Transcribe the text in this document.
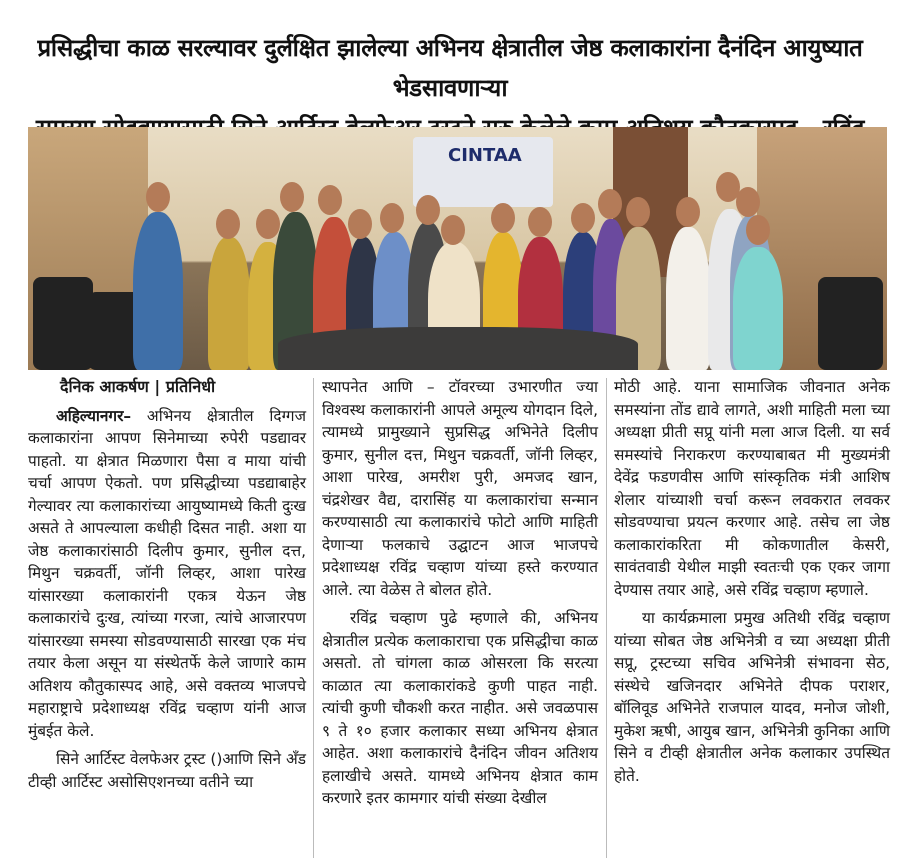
प्रसिद्धीचा काळ सरल्यावर दुर्लक्षित झालेल्या अभिनय क्षेत्रातील जेष्ठ कलाकारांना दैनंदिन आयुष्यात भेडसावणाऱ्या
CINTAA

दैनिक आकर्षण | प्रतिनिधी

अहिल्यानगर– अभिनय क्षेत्रातील दिग्गज कलाकारांना आपण सिनेमाच्या रुपेरी पडद्यावर पाहतो. या क्षेत्रात मिळणारा पैसा व माया यांची चर्चा आपण ऐकतो. पण प्रसिद्धीच्या पडद्याबाहेर गेल्यावर त्या कलाकारांच्या आयुष्यामध्ये किती दुःख असते ते आपल्याला कधीही दिसत नाही. अशा या जेष्ठ कलाकारांसाठी दिलीप कुमार, सुनील दत्त, मिथुन चक्रवर्ती, जॉनी लिव्हर, आशा पारेख यांसारख्या कलाकारांनी एकत्र येऊन जेष्ठ कलाकारांचे दुःख, त्यांच्या गरजा, त्यांचे आजारपण यांसारख्या समस्या सोडवण्यासाठी सारखा एक मंच तयार केला असून या संस्थेतर्फे केले जाणारे काम अतिशय कौतुकास्पद आहे, असे वक्तव्य भाजपचे महाराष्ट्राचे प्रदेशाध्यक्ष रविंद्र चव्हाण यांनी आज मुंबईत केले.

सिने आर्टिस्ट वेलफेअर ट्रस्ट ()आणि सिने अँड टीव्ही आर्टिस्ट असोसिएशनच्या वतीने च्या

स्थापनेत आणि – टॉवरच्या उभारणीत ज्या विश्वस्थ कलाकारांनी आपले अमूल्य योगदान दिले, त्यामध्ये प्रामुख्याने सुप्रसिद्ध अभिनेते दिलीप कुमार, सुनील दत्त, मिथुन चक्रवर्ती, जॉनी लिव्हर, आशा पारेख, अमरीश पुरी, अमजद खान, चंद्रशेखर वैद्य, दारासिंह या कलाकारांचा सन्मान करण्यासाठी त्या कलाकारांचे फोटो आणि माहिती देणाऱ्या फलकाचे उद्घाटन आज भाजपचे प्रदेशाध्यक्ष रविंद्र चव्हाण यांच्या हस्ते करण्यात आले. त्या वेळेस ते बोलत होते.

रविंद्र चव्हाण पुढे म्हणाले की, अभिनय क्षेत्रातील प्रत्येक कलाकाराचा एक प्रसिद्धीचा काळ असतो. तो चांगला काळ ओसरला कि सरत्या काळात त्या कलाकारांकडे कुणी पाहत नाही. त्यांची कुणी चौकशी करत नाहीत. असे जवळपास ९ ते १० हजार कलाकार सध्या अभिनय क्षेत्रात आहेत. अशा कलाकारांचे दैनंदिन जीवन अतिशय हलाखीचे असते. यामध्ये अभिनय क्षेत्रात काम करणारे इतर कामगार यांची संख्या देखील

मोठी आहे. याना सामाजिक जीवनात अनेक समस्यांना तोंड द्यावे लागते, अशी माहिती मला च्या अध्यक्षा प्रीती सप्रू यांनी मला आज दिली. या सर्व समस्यांचे निराकरण करण्याबाबत मी मुख्यमंत्री देवेंद्र फडणवीस आणि सांस्कृतिक मंत्री आशिष शेलार यांच्याशी चर्चा करून लवकरात लवकर सोडवण्याचा प्रयत्न करणार आहे. तसेच ला जेष्ठ कलाकारांकरिता मी कोकणातील केसरी, सावंतवाडी येथील माझी स्वतःची एक एकर जागा देण्यास तयार आहे, असे रविंद्र चव्हाण म्हणाले.

या कार्यक्रमाला प्रमुख अतिथी रविंद्र चव्हाण यांच्या सोबत जेष्ठ अभिनेत्री व च्या अध्यक्षा प्रीती सप्रू, ट्रस्टच्या सचिव अभिनेत्री संभावना सेठ, संस्थेचे खजिनदार अभिनेते दीपक पराशर, बॉलिवूड अभिनेते राजपाल यादव, मनोज जोशी, मुकेश ऋषी, आयुब खान, अभिनेत्री कुनिका आणि सिने व टीव्ही क्षेत्रातील अनेक कलाकार उपस्थित होते.
